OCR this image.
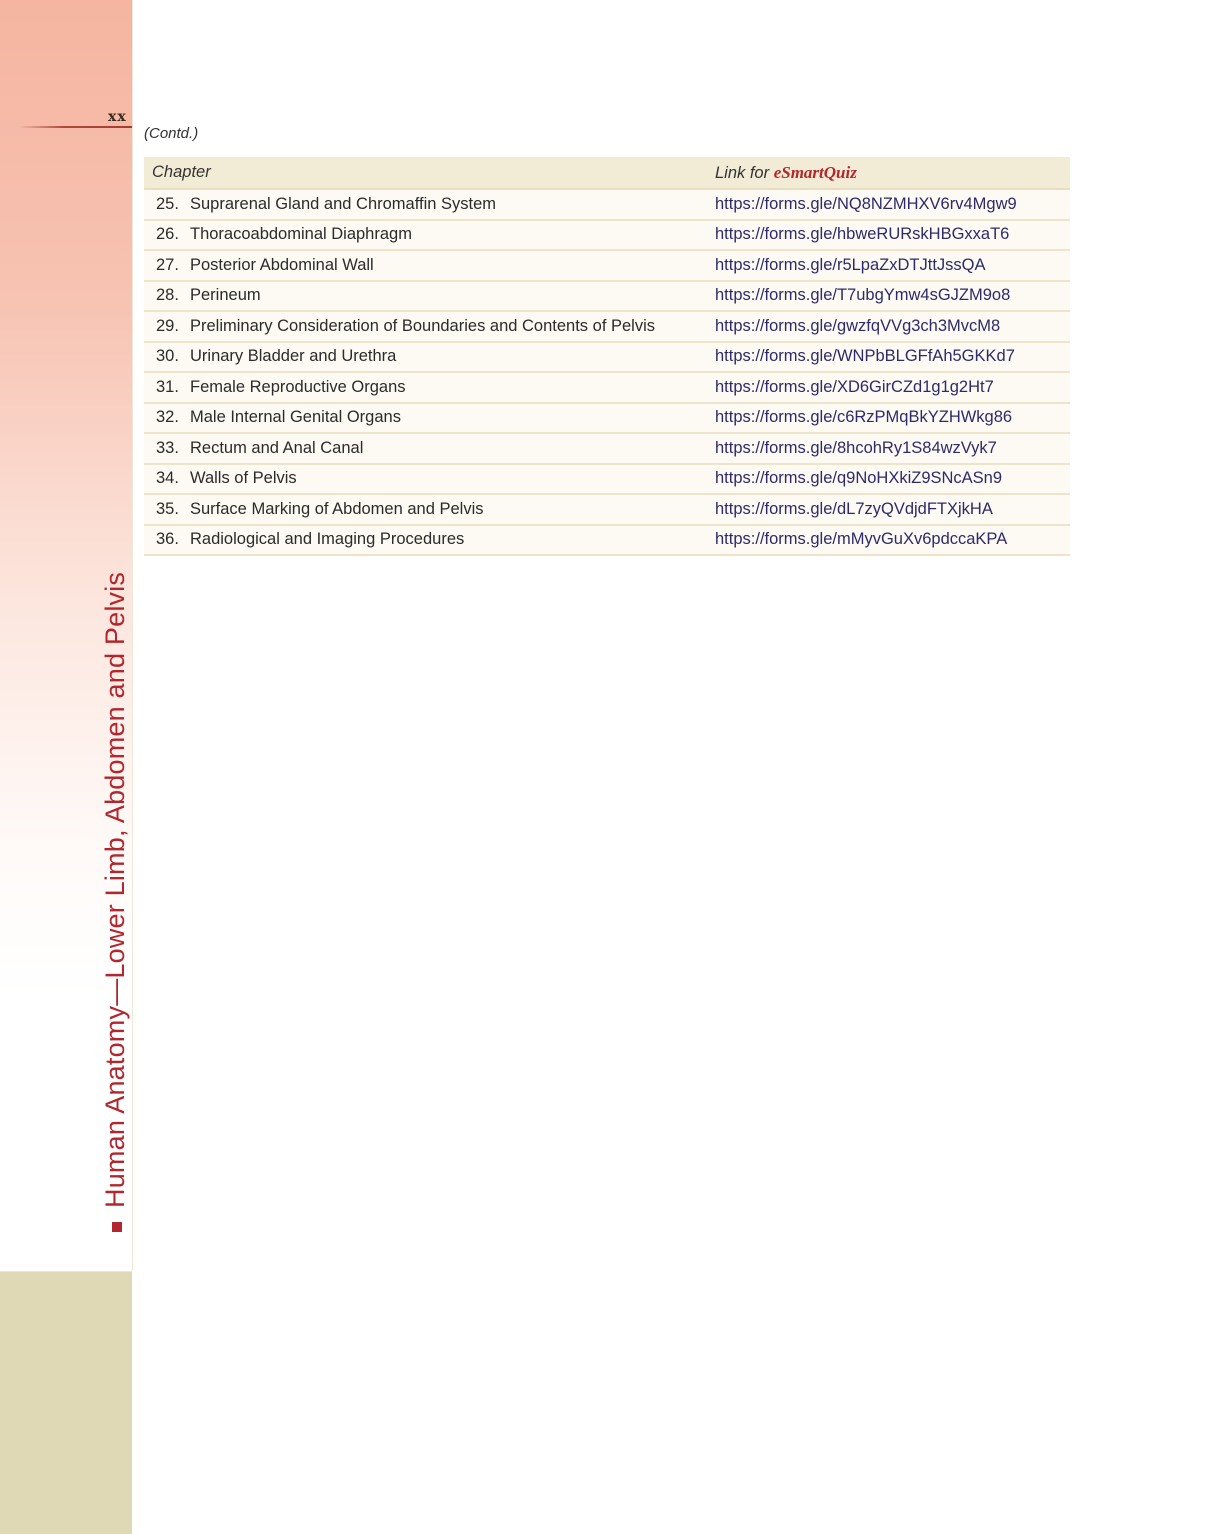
xx
Human Anatomy—Lower Limb, Abdomen and Pelvis
(Contd.)
Chapter	Link for eSmartQuiz
25. Suprarenal Gland and Chromaffin System	https://forms.gle/NQ8NZMHXV6rv4Mgw9
26. Thoracoabdominal Diaphragm	https://forms.gle/hbweRURskHBGxxaT6
27. Posterior Abdominal Wall	https://forms.gle/r5LpaZxDTJttJssQA
28. Perineum	https://forms.gle/T7ubgYmw4sGJZM9o8
29. Preliminary Consideration of Boundaries and Contents of Pelvis	https://forms.gle/gwzfqVVg3ch3MvcM8
30. Urinary Bladder and Urethra	https://forms.gle/WNPbBLGFfAh5GKKd7
31. Female Reproductive Organs	https://forms.gle/XD6GirCZd1g1g2Ht7
32. Male Internal Genital Organs	https://forms.gle/c6RzPMqBkYZHWkg86
33. Rectum and Anal Canal	https://forms.gle/8hcohRy1S84wzVyk7
34. Walls of Pelvis	https://forms.gle/q9NoHXkiZ9SNcASn9
35. Surface Marking of Abdomen and Pelvis	https://forms.gle/dL7zyQVdjdFTXjkHA
36. Radiological and Imaging Procedures	https://forms.gle/mMyvGuXv6pdccaKPA
